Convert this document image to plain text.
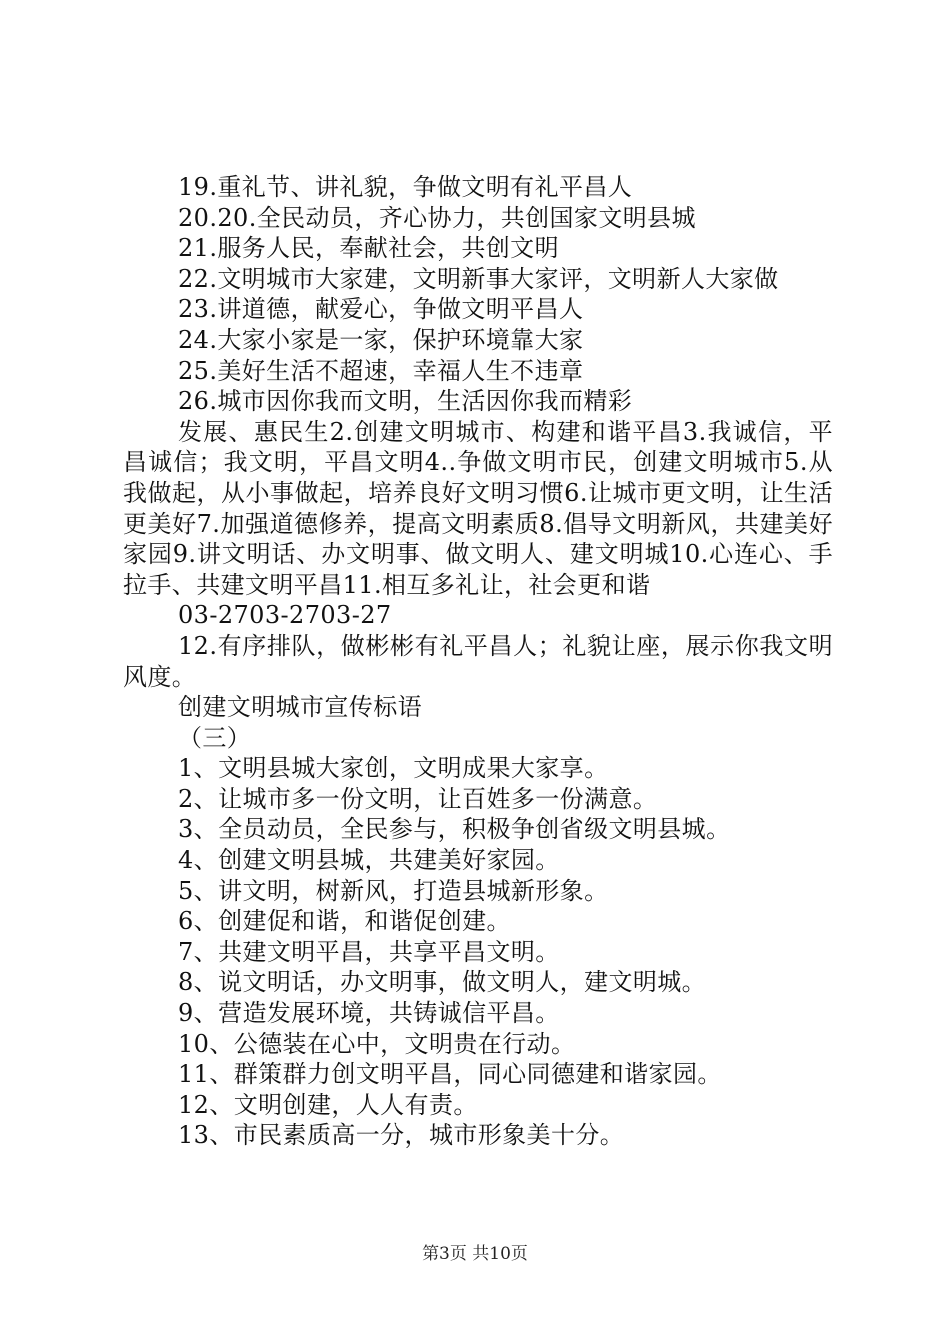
19.重礼节、讲礼貌，争做文明有礼平昌人
20.20.全民动员，齐心协力，共创国家文明县城
21.服务人民，奉献社会，共创文明
22.文明城市大家建，文明新事大家评，文明新人大家做
23.讲道德，献爱心，争做文明平昌人
24.大家小家是一家，保护环境靠大家
25.美好生活不超速，幸福人生不违章
26.城市因你我而文明，生活因你我而精彩

发展、惠民生2.创建文明城市、构建和谐平昌3.我诚信，平昌诚信；我文明，平昌文明4..争做文明市民，创建文明城市5.从我做起，从小事做起，培养良好文明习惯6.让城市更文明，让生活更美好7.加强道德修养，提高文明素质8.倡导文明新风，共建美好家园9.讲文明话、办文明事、做文明人、建文明城10.心连心、手拉手、共建文明平昌11.相互多礼让，社会更和谐

03-2703-2703-27

12.有序排队，做彬彬有礼平昌人；礼貌让座，展示你我文明风度。

创建文明城市宣传标语
（三）
1、文明县城大家创，文明成果大家享。
2、让城市多一份文明，让百姓多一份满意。
3、全员动员，全民参与，积极争创省级文明县城。
4、创建文明县城，共建美好家园。
5、讲文明，树新风，打造县城新形象。
6、创建促和谐，和谐促创建。
7、共建文明平昌，共享平昌文明。
8、说文明话，办文明事，做文明人，建文明城。
9、营造发展环境，共铸诚信平昌。
10、公德装在心中，文明贵在行动。
11、群策群力创文明平昌，同心同德建和谐家园。
12、文明创建，人人有责。
13、市民素质高一分，城市形象美十分。
第3页 共10页
